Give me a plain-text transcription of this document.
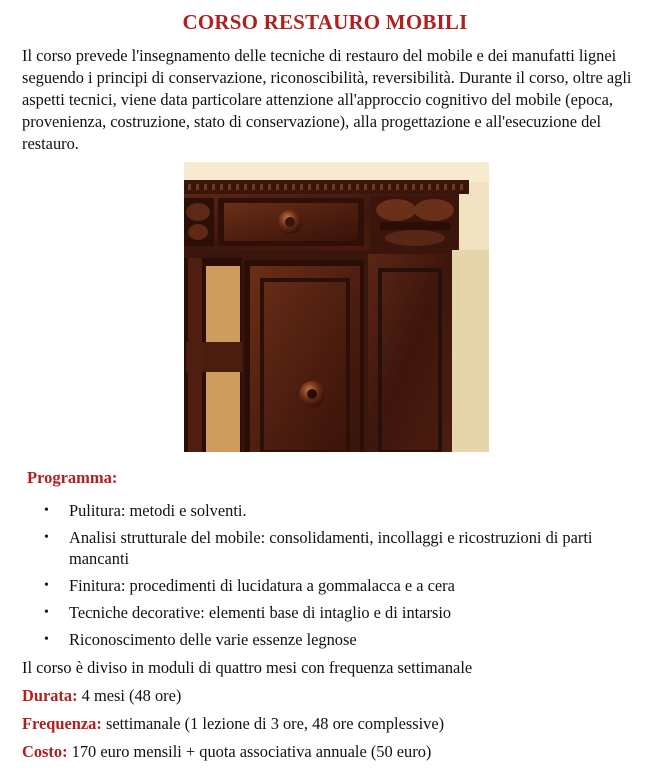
CORSO RESTAURO MOBILI

Il corso prevede l'insegnamento delle tecniche di restauro del mobile e dei manufatti lignei seguendo i principi di conservazione, riconoscibilità, reversibilità. Durante il corso, oltre agli aspetti tecnici, viene data particolare attenzione all'approccio cognitivo del mobile (epoca, provenienza, costruzione, stato di conservazione), alla progettazione e all'esecuzione del restauro.

Programma:
• Pulitura: metodi e solventi.
• Analisi strutturale del mobile: consolidamenti, incollaggi e ricostruzioni di parti mancanti
• Finitura: procedimenti di lucidatura a gommalacca e a cera
• Tecniche decorative: elementi base di intaglio e di intarsio
• Riconoscimento delle varie essenze legnose
Il corso è diviso in moduli di quattro mesi con frequenza settimanale
Durata: 4 mesi (48 ore)
Frequenza: settimanale (1 lezione di 3 ore, 48 ore complessive)
Costo: 170 euro mensili + quota associativa annuale (50 euro)
